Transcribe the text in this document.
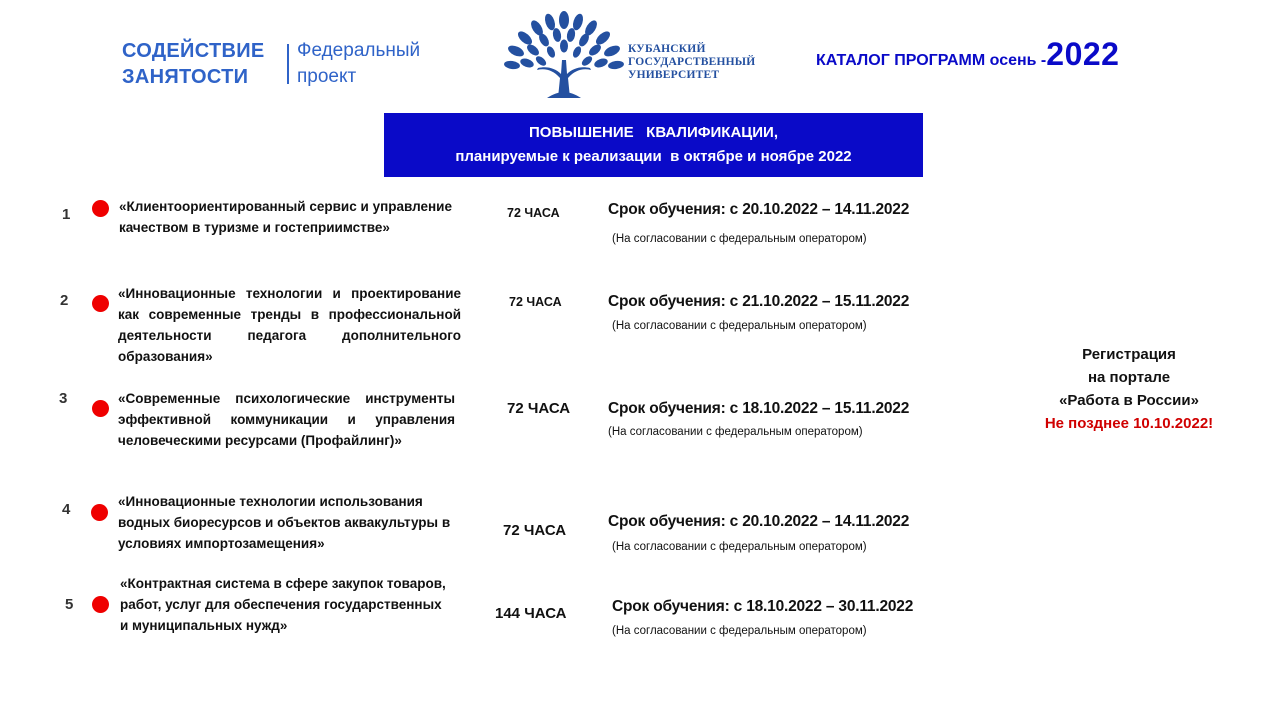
СОДЕЙСТВИЕ ЗАНЯТОСТИ
Федеральный проект
КУБАНСКИЙ ГОСУДАРСТВЕННЫЙ УНИВЕРСИТЕТ
КАТАЛОГ ПРОГРАММ осень -2022
ПОВЫШЕНИЕ   КВАЛИФИКАЦИИ,
планируемые к реализации  в октябре и ноябре 2022
1	«Клиентоориентированный сервис и управление качеством в туризме и гостеприимстве»
72 ЧАСА	Срок обучения: с 20.10.2022 – 14.11.2022
(На согласовании с федеральным оператором)
2	«Инновационные технологии и проектирование как современные тренды в профессиональной деятельности педагога дополнительного образования»
72 ЧАСА	Срок обучения: с 21.10.2022 – 15.11.2022
(На согласовании с федеральным оператором)
3	«Современные психологические инструменты эффективной коммуникации и управления человеческими ресурсами (Профайлинг)»
72 ЧАСА Срок обучения: с 18.10.2022 – 15.11.2022
(На согласовании с федеральным оператором)
4	«Инновационные технологии использования водных биоресурсов и объектов аквакультуры в условиях импортозамещения»
72 ЧАСА
Срок обучения: с 20.10.2022 – 14.11.2022
(На согласовании с федеральным оператором)
5
«Контрактная система в сфере закупок товаров, работ, услуг для обеспечения государственных и муниципальных нужд»
144 ЧАСА	Срок обучения: с 18.10.2022 – 30.11.2022
(На согласовании с федеральным оператором)
Регистрация
на портале
«Работа в России»
Не позднее 10.10.2022!
